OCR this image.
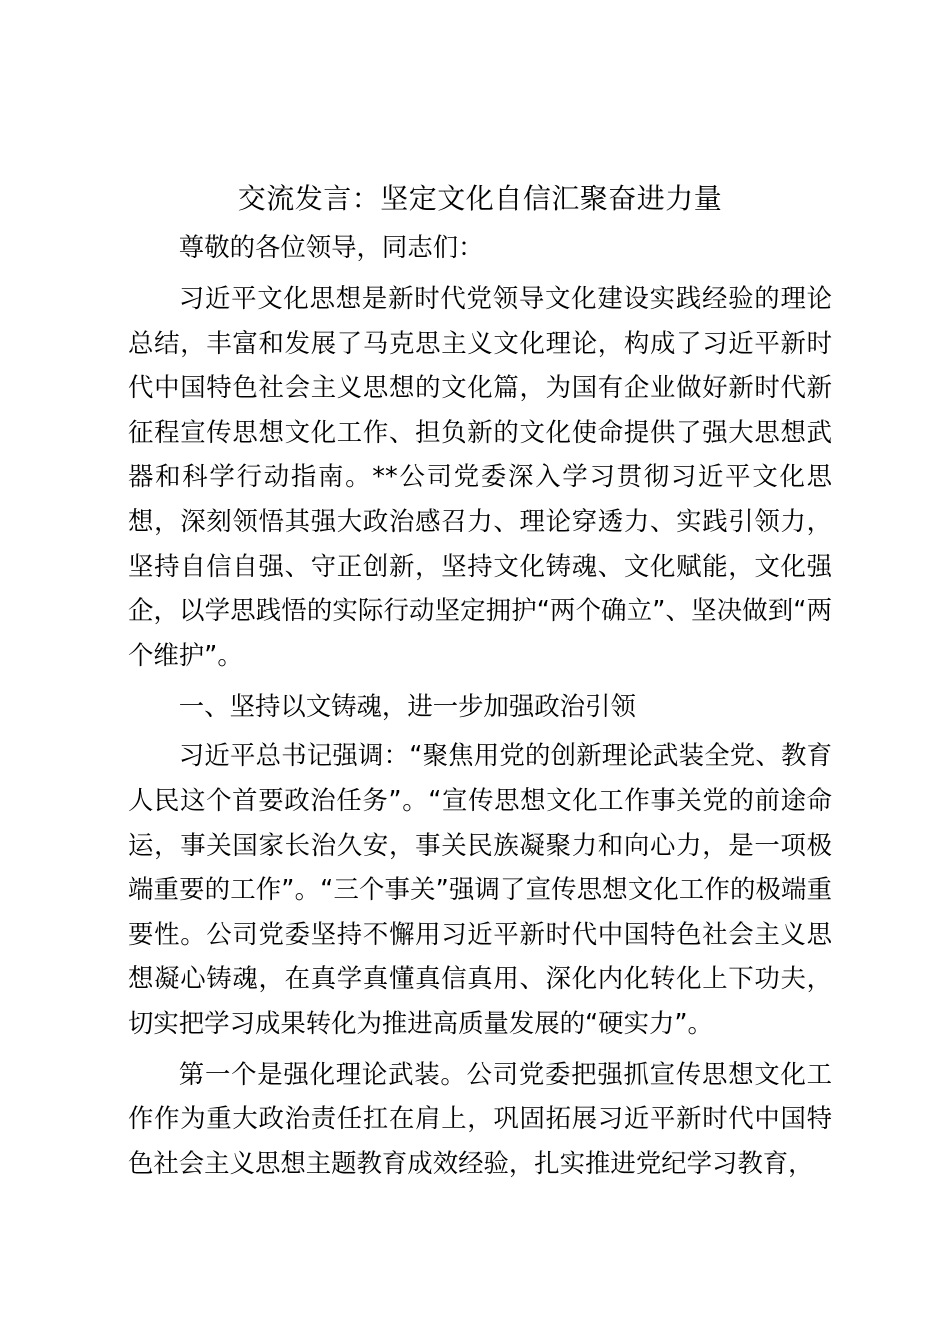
交流发言：坚定文化自信汇聚奋进力量

尊敬的各位领导，同志们：

习近平文化思想是新时代党领导文化建设实践经验的理论总结，丰富和发展了马克思主义文化理论，构成了习近平新时代中国特色社会主义思想的文化篇，为国有企业做好新时代新征程宣传思想文化工作、担负新的文化使命提供了强大思想武器和科学行动指南。**公司党委深入学习贯彻习近平文化思想，深刻领悟其强大政治感召力、理论穿透力、实践引领力，坚持自信自强、守正创新，坚持文化铸魂、文化赋能，文化强企，以学思践悟的实际行动坚定拥护“两个确立”、坚决做到“两个维护”。

一、坚持以文铸魂，进一步加强政治引领

习近平总书记强调：“聚焦用党的创新理论武装全党、教育人民这个首要政治任务”。“宣传思想文化工作事关党的前途命运，事关国家长治久安，事关民族凝聚力和向心力，是一项极端重要的工作”。“三个事关”强调了宣传思想文化工作的极端重要性。公司党委坚持不懈用习近平新时代中国特色社会主义思想凝心铸魂，在真学真懂真信真用、深化内化转化上下功夫，切实把学习成果转化为推进高质量发展的“硬实力”。

第一个是强化理论武装。公司党委把强抓宣传思想文化工作作为重大政治责任扛在肩上，巩固拓展习近平新时代中国特色社会主义思想主题教育成效经验，扎实推进党纪学习教育，
